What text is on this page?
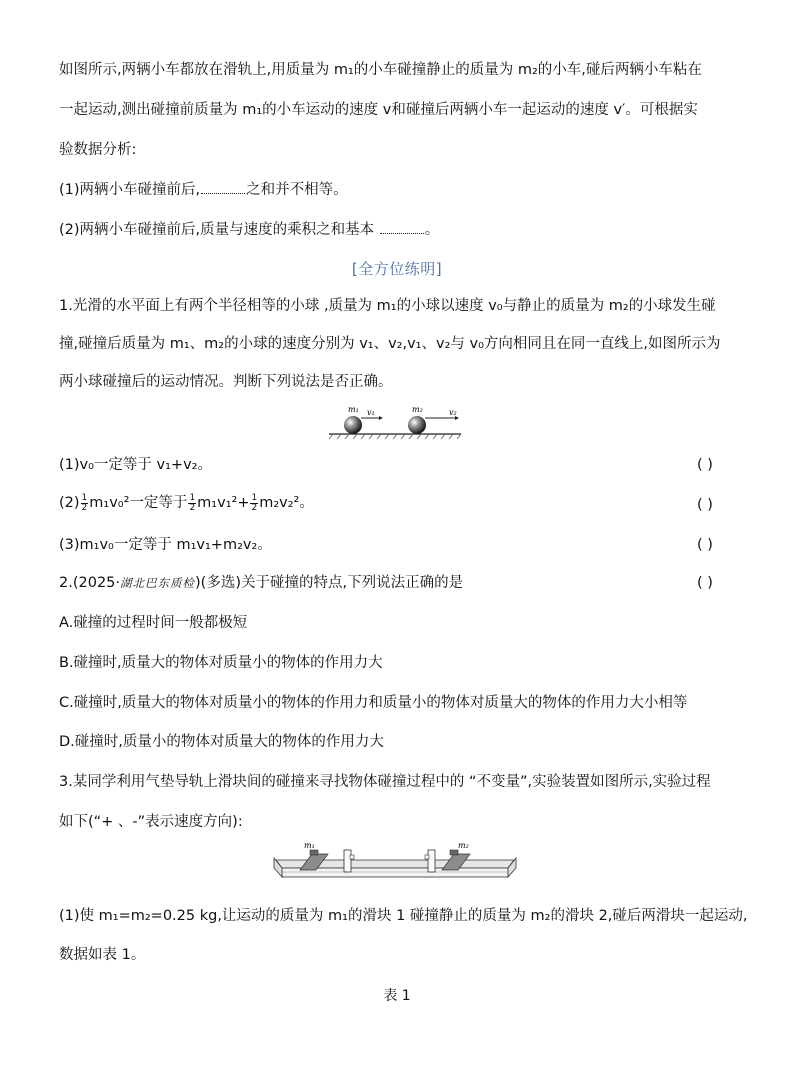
如图所示,两辆小车都放在滑轨上,用质量为 m₁的小车碰撞静止的质量为 m₂的小车,碰后两辆小车粘在
一起运动,测出碰撞前质量为 m₁的小车运动的速度 v和碰撞后两辆小车一起运动的速度 v′。可根据实
验数据分析:
(1)两辆小车碰撞前后,	之和并不相等。
(2)两辆小车碰撞前后,质量与速度的乘积之和基本	。
[全方位练明]
1.光滑的水平面上有两个半径相等的小球 ,质量为 m₁的小球以速度 v₀与静止的质量为 m₂的小球发生碰
撞,碰撞后质量为 m₁、m₂的小球的速度分别为 v₁、v₂,v₁、v₂与 v₀方向相同且在同一直线上,如图所示为
两小球碰撞后的运动情况。判断下列说法是否正确。
m₁ v₁	m₂	v₂
(1)v₀一定等于 v₁+v₂。	( )
$(2) \frac{1}{2} m_1v_0^2$一定等于 $\frac{1}{2} m_1v_1^2+ \frac{1}{2} m_2v_2^2$。	( )
(3)m₁v₀一定等于 m₁v₁+m₂v₂。	( )
2.(2025·湖北巴东质检)(多选)关于碰撞的特点,下列说法正确的是	( )
A.碰撞的过程时间一般都极短
B.碰撞时,质量大的物体对质量小的物体的作用力大
C.碰撞时,质量大的物体对质量小的物体的作用力和质量小的物体对质量大的物体的作用力大小相等
D.碰撞时,质量小的物体对质量大的物体的作用力大
3.某同学利用气垫导轨上滑块间的碰撞来寻找物体碰撞过程中的 “不变量”,实验装置如图所示,实验过程
如下(“+ 、-”表示速度方向):
m₁	m₂
(1)使 m₁=m₂=0.25 kg,让运动的质量为 m₁的滑块 1 碰撞静止的质量为 m₂的滑块 2,碰后两滑块一起运动,
数据如表 1。
表 1
